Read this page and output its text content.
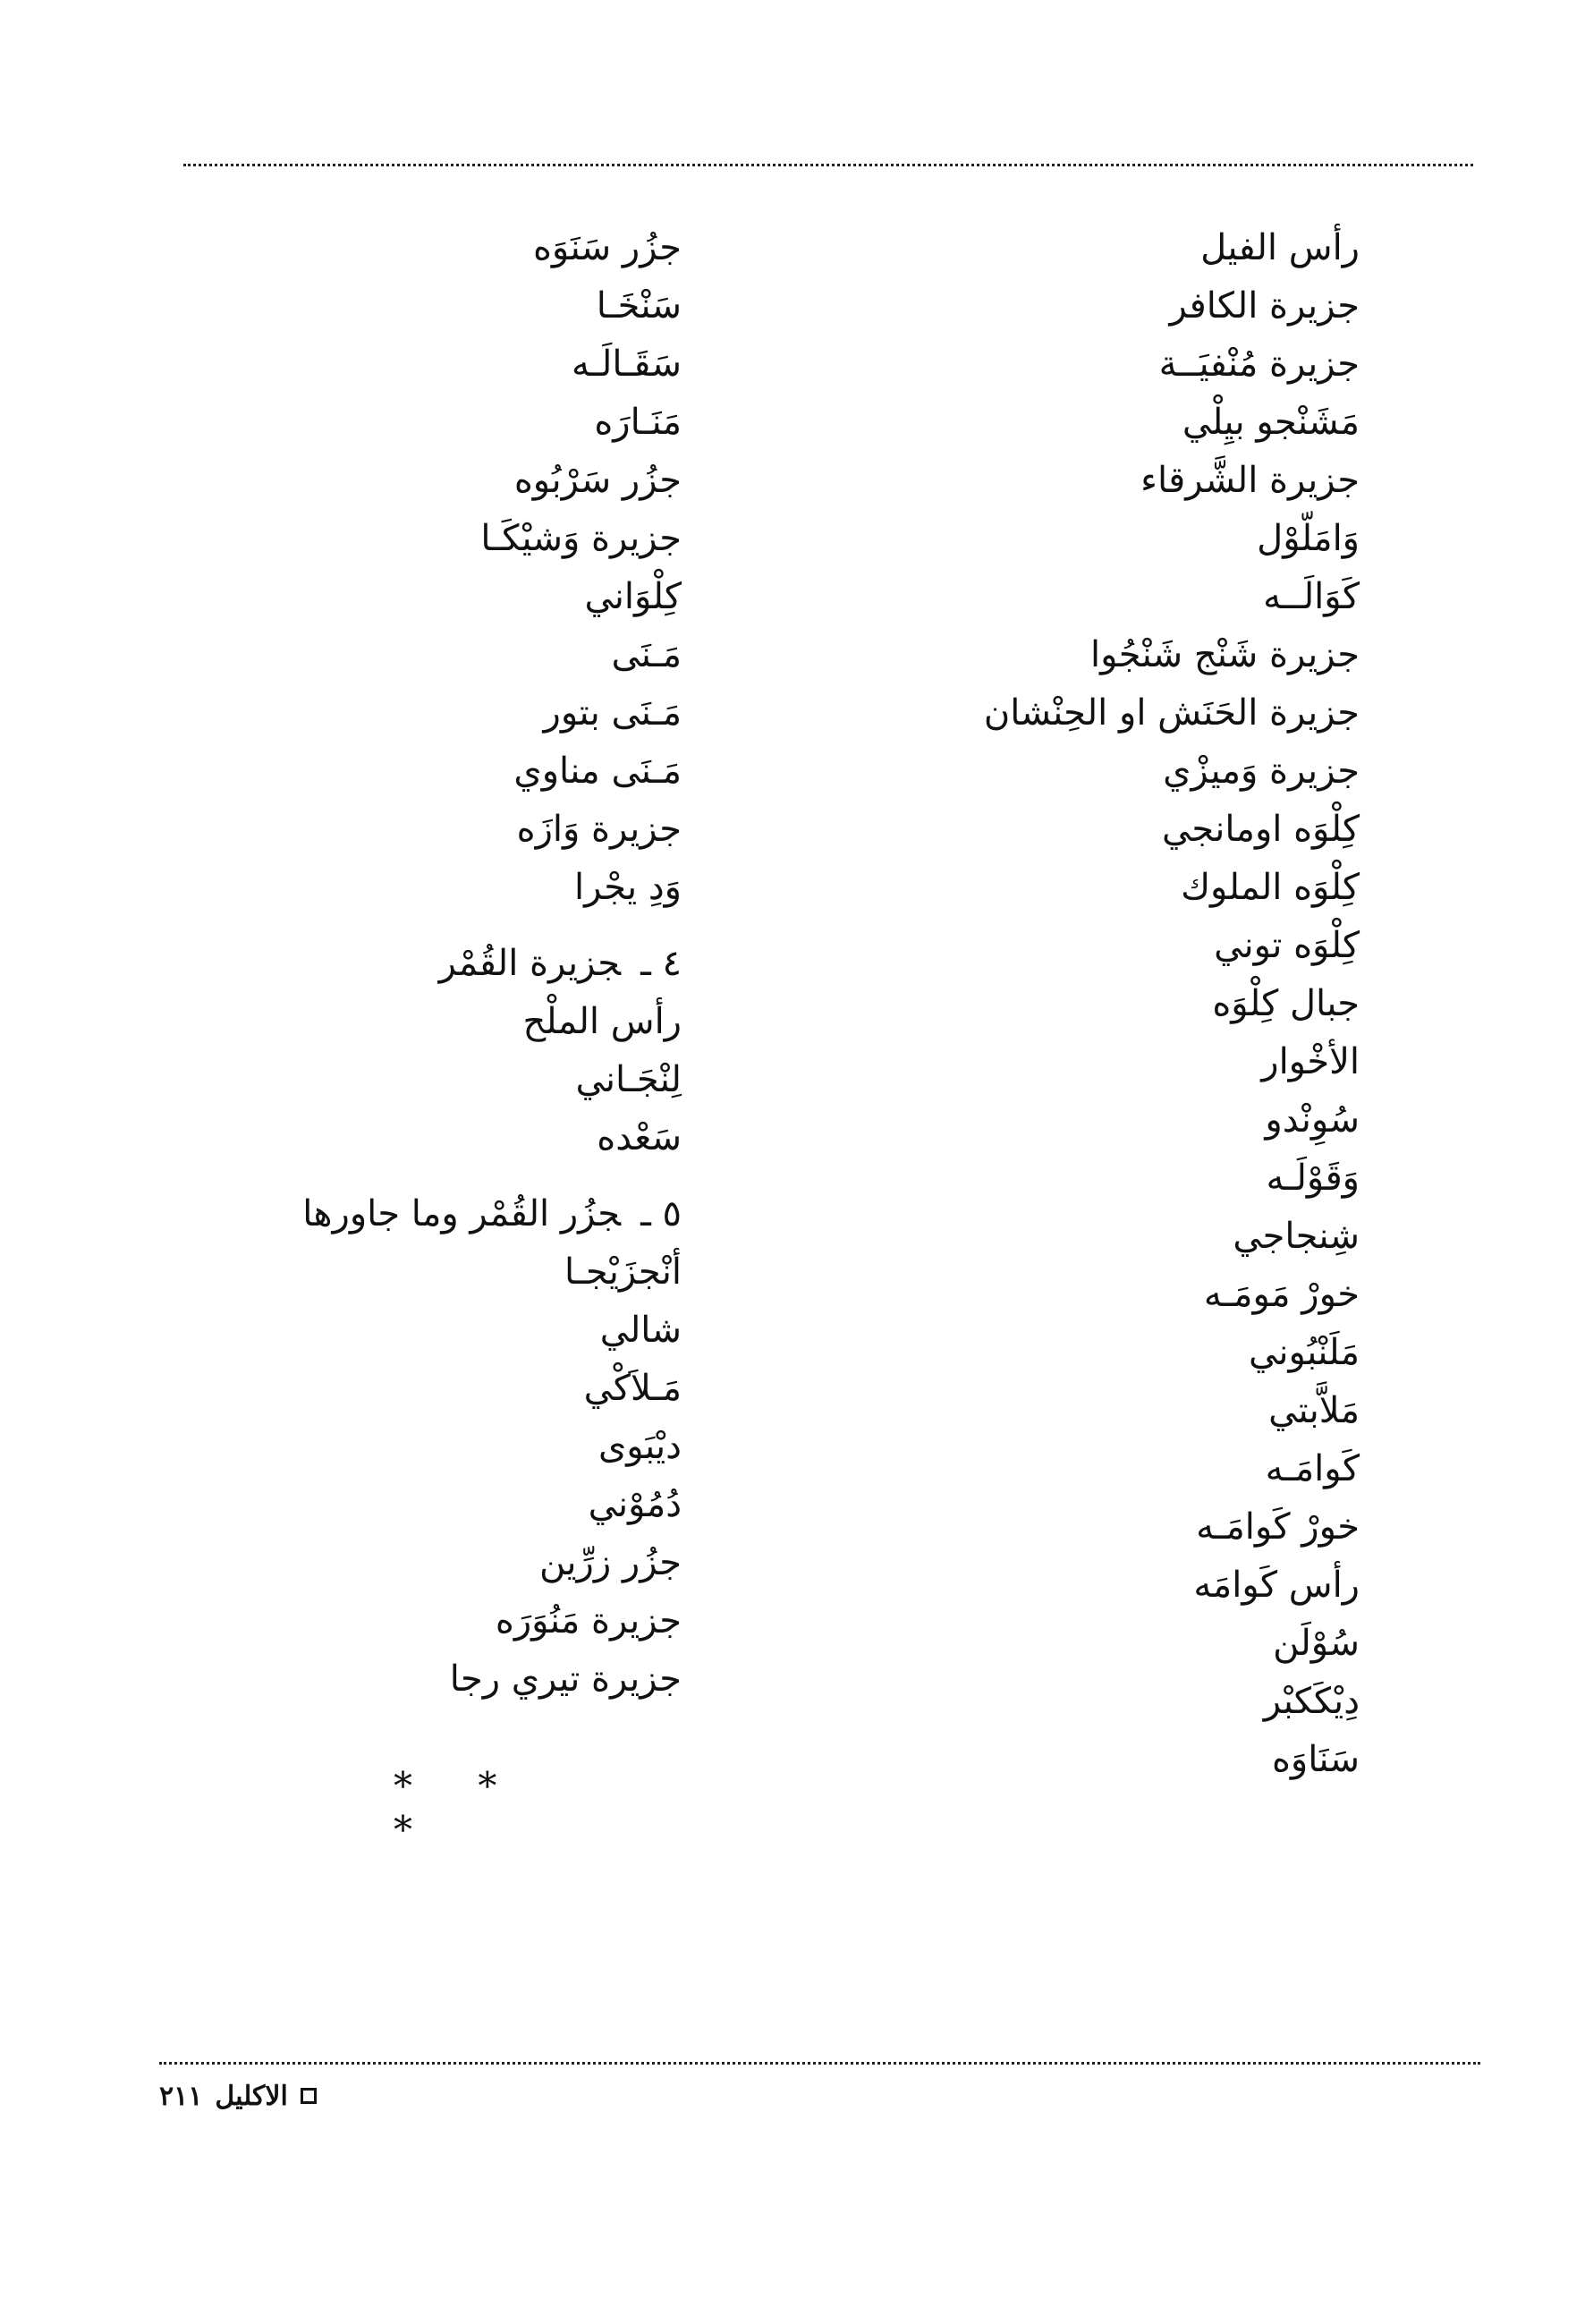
رأس الفيل
جزيرة الكافر
جزيرة مُنْفيَــة
مَشَنْجو بيِلْي
جزيرة الشَّرقاء
وَامَلّوْل
كَوَالَــه
جزيرة شَنْج شَنْجُوا
جزيرة الحَنَش او الحِنْشان
جزيرة وَميزْي
كِلْوَه اومانجي
كِلْوَه الملوك
كِلْوَه توني
جبال كِلْوَه
الأخْوار
سُوِنْدو
وَقَوْلَـه
شِنجاجي
خورْ مَومَـه
مَلَنْبُوني
مَلاَّبتي
كَوامَـه
خورْ كَوامَـه
رأس كَوامَه
سُوْلَن
دِيْكَكبْر
سَنَاوَه
جزُر سَنَوَه
سَنْخَـا
سَقَـالَـه
مَنَـارَه
جزُر سَرْبُوه
جزيرة وَشيْكَـا
كِلْوَاني
مَـنَى
مَـنَى بتور
مَـنَى مناوي
جزيرة وَازَه
وَدِ يجْرا
٤ ـجزيرة القُمْر
رأس الملْح
لِنْجَـاني
سَعْده
٥ ـجزُر القُمْر وما جاورها
أنْجزَيْجـا
شالي
مَـلاَكْي
ديْبَوى
دُمُوْني
جزُر زرِّين
جزيرة مَنُوَرَه
جزيرة تيري رجا
* * *
الاكليل
٢١١
